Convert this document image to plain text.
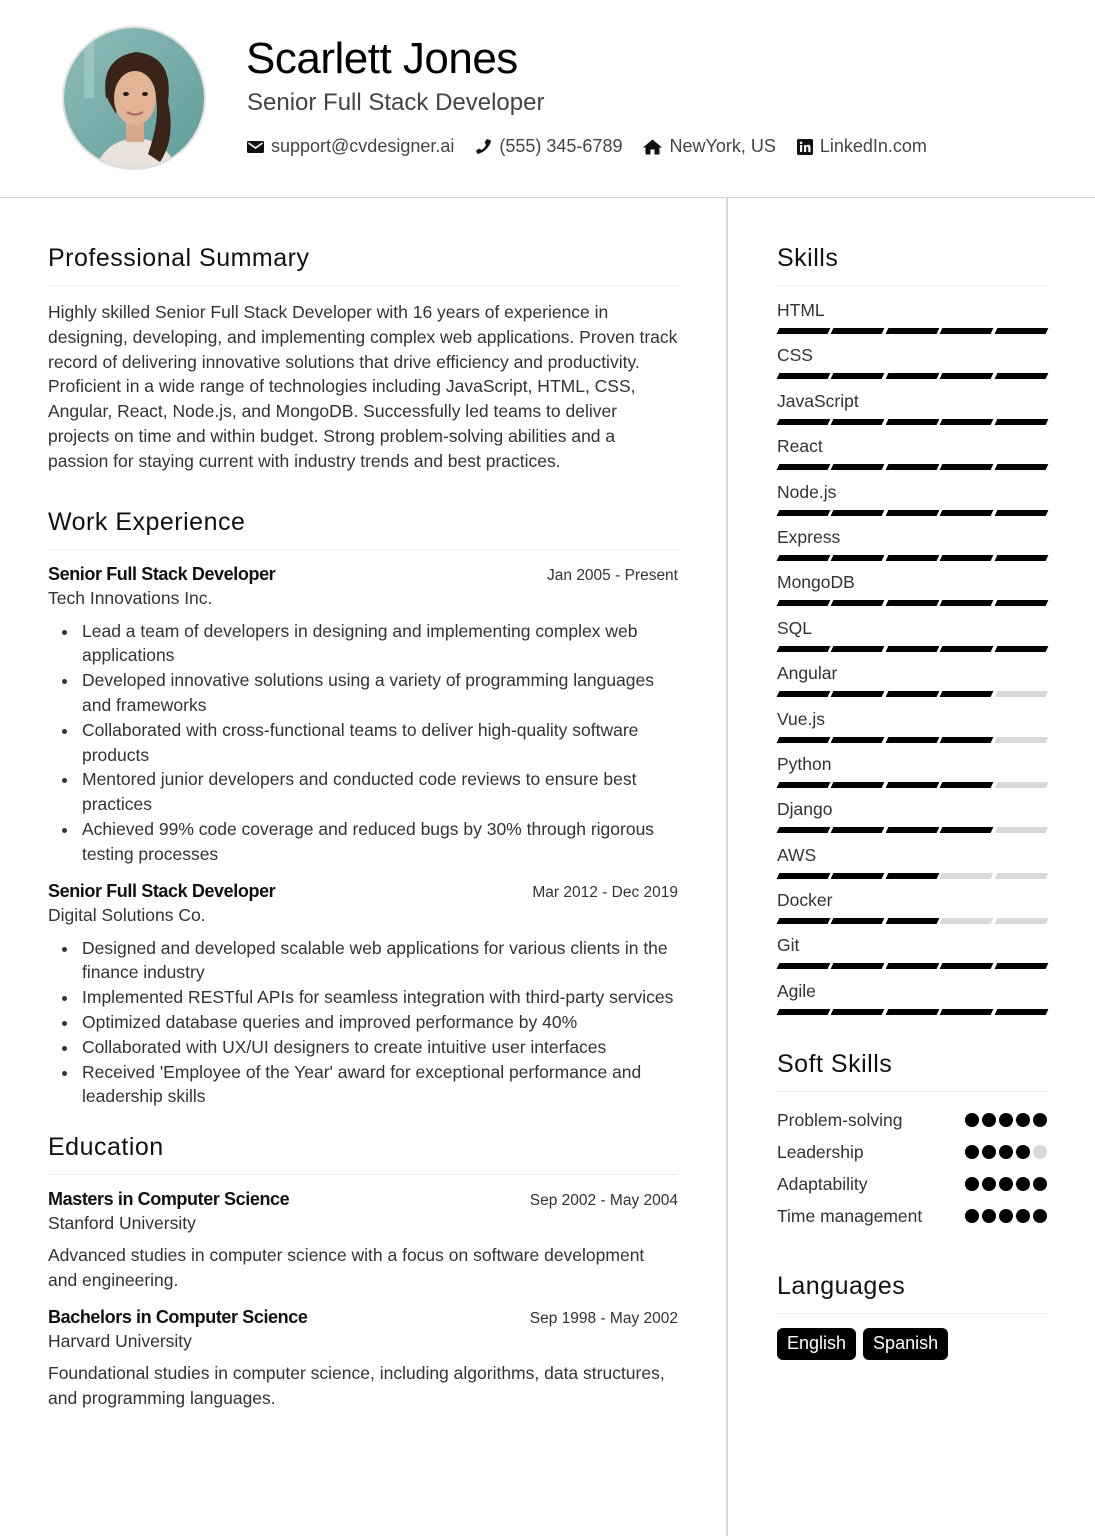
Scarlett Jones
Senior Full Stack Developer
support@cvdesigner.ai	(555) 345-6789	NewYork, US LinkedIn.com
Professional Summary

Highly skilled Senior Full Stack Developer with 16 years of experience in designing, developing, and implementing complex web applications. Proven track record of delivering innovative solutions that drive efficiency and productivity. Proficient in a wide range of technologies including JavaScript, HTML, CSS, Angular, React, Node.js, and MongoDB. Successfully led teams to deliver projects on time and within budget. Strong problem-solving abilities and a passion for staying current with industry trends and best practices.

Work Experience
Senior Full Stack Developer	Jan 2005 - Present
Tech Innovations Inc.
Lead a team of developers in designing and implementing complex web applications
Developed innovative solutions using a variety of programming languages and frameworks
Collaborated with cross-functional teams to deliver high-quality software products
Mentored junior developers and conducted code reviews to ensure best practices
Achieved 99% code coverage and reduced bugs by 30% through rigorous testing processes
Senior Full Stack Developer	Mar 2012 - Dec 2019
Digital Solutions Co.
Designed and developed scalable web applications for various clients in the finance industry
Implemented RESTful APIs for seamless integration with third-party services
Optimized database queries and improved performance by 40%
Collaborated with UX/UI designers to create intuitive user interfaces
Received 'Employee of the Year' award for exceptional performance and leadership skills
Education
Masters in Computer Science	Sep 2002 - May 2004
Stanford University
Advanced studies in computer science with a focus on software development and engineering.
Bachelors in Computer Science	Sep 1998 - May 2002
Harvard University
Foundational studies in computer science, including algorithms, data structures, and programming languages.
Skills
HTML
CSS
JavaScript
React
Node.js
Express
MongoDB
SQL
Angular
Vue.js
Python
Django
AWS
Docker
Git
Agile
Soft Skills
Problem-solving
Leadership
Adaptability
Time management
Languages
English	Spanish
